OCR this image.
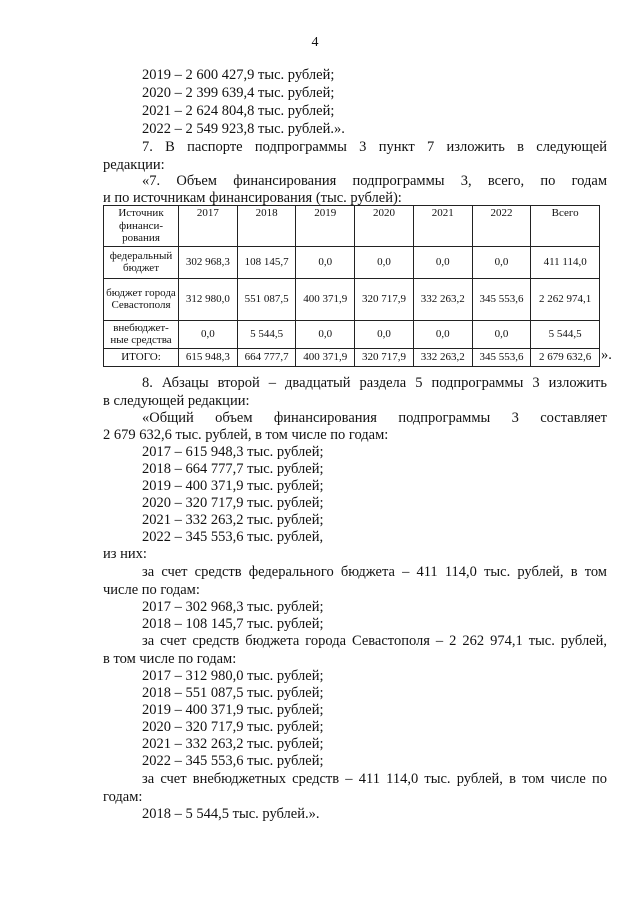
4
2019 – 2 600 427,9 тыс. рублей;
2020 – 2 399 639,4 тыс. рублей;
2021 – 2 624 804,8 тыс. рублей;
2022 – 2 549 923,8 тыс. рублей.».
7. В паспорте подпрограммы 3 пункт 7 изложить в следующей
редакции:
«7. Объем финансирования подпрограммы 3, всего, по годам
и по источникам финансирования (тыс. рублей):
Источник финанси-рования	2017	2018	2019	2020	2021	2022	Всего
федеральный бюджет	302 968,3	108 145,7	0,0	0,0	0,0	0,0	411 114,0
бюджет города Севастополя	312 980,0	551 087,5	400 371,9	320 717,9	332 263,2	345 553,6	2 262 974,1
внебюджет-ные средства	0,0	5 544,5	0,0	0,0	0,0	0,0	5 544,5
ИТОГО:	615 948,3	664 777,7	400 371,9	320 717,9	332 263,2	345 553,6	2 679 632,6 ».
8. Абзацы второй – двадцатый раздела 5 подпрограммы 3 изложить
в следующей редакции:
«Общий объем финансирования подпрограммы 3 составляет
2 679 632,6 тыс. рублей, в том числе по годам:
2017 – 615 948,3 тыс. рублей;
2018 – 664 777,7 тыс. рублей;
2019 – 400 371,9 тыс. рублей;
2020 – 320 717,9 тыс. рублей;
2021 – 332 263,2 тыс. рублей;
2022 – 345 553,6 тыс. рублей,
из них:
за счет средств федерального бюджета – 411 114,0 тыс. рублей, в том
числе по годам:
2017 – 302 968,3 тыс. рублей;
2018 – 108 145,7 тыс. рублей;
за счет средств бюджета города Севастополя – 2 262 974,1 тыс. рублей,
в том числе по годам:
2017 – 312 980,0 тыс. рублей;
2018 – 551 087,5 тыс. рублей;
2019 – 400 371,9 тыс. рублей;
2020 – 320 717,9 тыс. рублей;
2021 – 332 263,2 тыс. рублей;
2022 – 345 553,6 тыс. рублей;
за счет внебюджетных средств – 411 114,0 тыс. рублей, в том числе по
годам:
2018 – 5 544,5 тыс. рублей.».
